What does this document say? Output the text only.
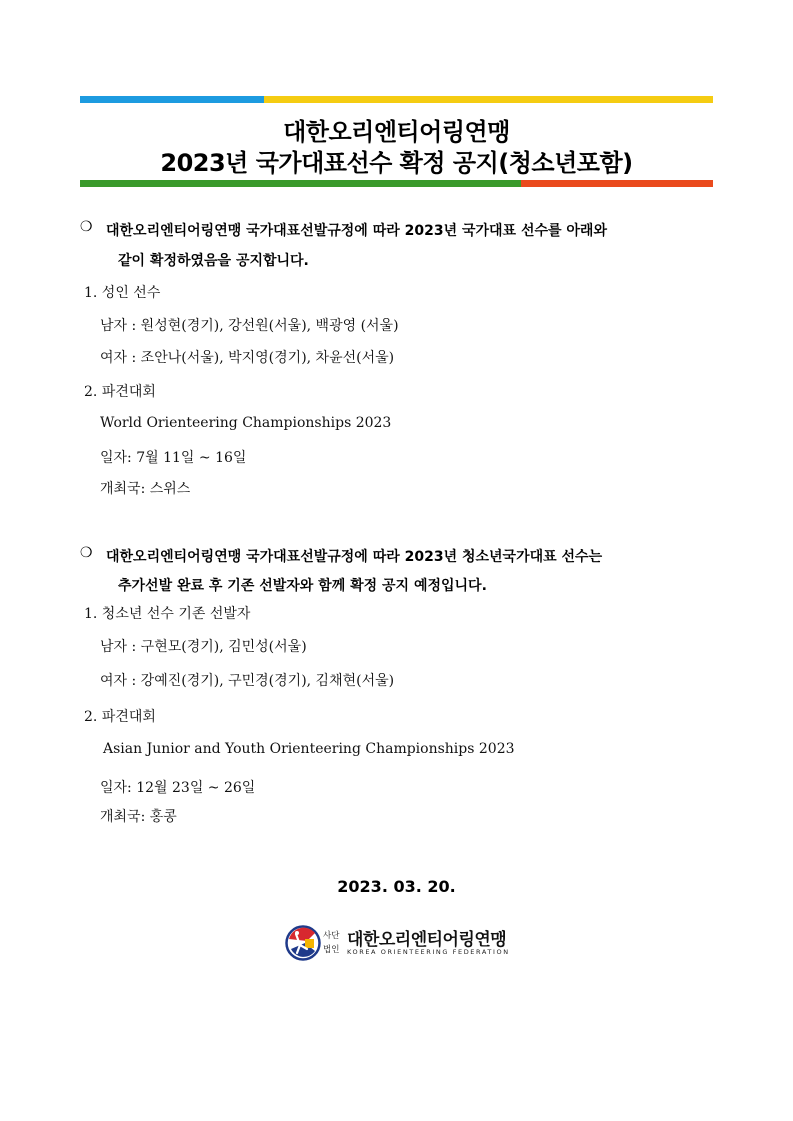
대한오리엔티어링연맹
2023년 국가대표선수 확정 공지(청소년포함)
❍ 대한오리엔티어링연맹 국가대표선발규정에 따라 2023년 국가대표 선수를 아래와
같이 확정하였음을 공지합니다.
1. 성인 선수
남자 : 원성현(경기), 강선원(서울), 백광영 (서울)
여자 : 조안나(서울), 박지영(경기), 차윤선(서울)
2. 파견대회
World Orienteering Championships 2023
일자: 7월 11일 ~ 16일
개최국: 스위스
❍ 대한오리엔티어링연맹 국가대표선발규정에 따라 2023년 청소년국가대표 선수는
추가선발 완료 후 기존 선발자와 함께 확정 공지 예정입니다.
1. 청소년 선수 기존 선발자
남자 : 구현모(경기), 김민성(서울)
여자 : 강예진(경기), 구민경(경기), 김채현(서울)
2. 파견대회
Asian Junior and Youth Orienteering Championships 2023
일자: 12월 23일 ~ 26일
개최국: 홍콩
2023. 03. 20.
사단
법인 대한오리엔티어링연맹
KOREA ORIENTEERING FEDERATION
